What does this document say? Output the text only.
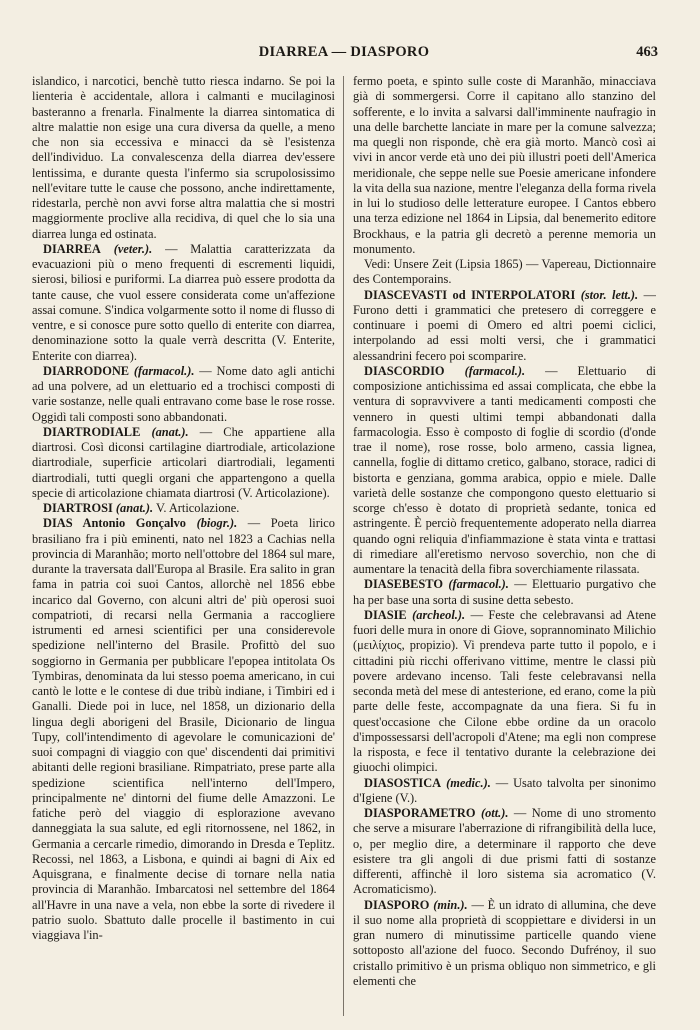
DIARREA — DIASPORO	463

islandico, i narcotici, benchè tutto riesca indarno. Se poi la lienteria è accidentale, allora i calmanti e mucilaginosi basteranno a frenarla. Finalmente la diarrea sintomatica di altre malattie non esige una cura diversa da quelle, a meno che non sia eccessiva e minacci da sè l'esistenza dell'individuo. La convalescenza della diarrea dev'essere lentissima, e durante questa l'infermo sia scrupolosissimo nell'evitare tutte le cause che possono, anche indirettamente, ridestarla, perchè non avvi forse altra malattia che si mostri maggiormente proclive alla recidiva, di quel che lo sia una diarrea lunga ed ostinata.

DIARREA (veter.). — Malattia caratterizzata da evacuazioni più o meno frequenti di escrementi liquidi, sierosi, biliosi e puriformi. La diarrea può essere prodotta da tante cause, che vuol essere considerata come un'affezione assai comune. S'indica volgarmente sotto il nome di flusso di ventre, e si conosce pure sotto quello di enterite con diarrea, denominazione sotto la quale verrà descritta (V. Enterite, Enterite con diarrea).

DIARRODONE (farmacol.). — Nome dato agli antichi ad una polvere, ad un elettuario ed a trochisci composti di varie sostanze, nelle quali entravano come base le rose rosse. Oggidì tali composti sono abbandonati.

DIARTRODIALE (anat.). — Che appartiene alla diartrosi. Così diconsi cartilagine diartrodiale, articolazione diartrodiale, superficie articolari diartrodiali, legamenti diartrodiali, tutti quegli organi che appartengono a quella specie di articolazione chiamata diartrosi (V. Articolazione).

DIARTROSI (anat.). V. Articolazione.

DIAS Antonio Gonçalvo (biogr.). — Poeta lirico brasiliano fra i più eminenti, nato nel 1823 a Cachias nella provincia di Maranhão; morto nell'ottobre del 1864 sul mare, durante la traversata dall'Europa al Brasile. Era salito in gran fama in patria coi suoi Cantos, allorchè nel 1856 ebbe incarico dal Governo, con alcuni altri de' più operosi suoi compatrioti, di recarsi nella Germania a raccogliere istrumenti ed arnesi scientifici per una considerevole spedizione nell'interno del Brasile. Profittò del suo soggiorno in Germania per pubblicare l'epopea intitolata Os Tymbiras, denominata da lui stesso poema americano, in cui cantò le lotte e le contese di due tribù indiane, i Timbiri ed i Ganalli. Diede poi in luce, nel 1858, un dizionario della lingua degli aborigeni del Brasile, Dicionario de lingua Tupy, coll'intendimento di agevolare le comunicazioni de' suoi compagni di viaggio con que' discendenti dai primitivi abitanti delle regioni brasiliane. Rimpatriato, prese parte alla spedizione scientifica nell'interno dell'Impero, principalmente ne' dintorni del fiume delle Amazzoni. Le fatiche però del viaggio di esplorazione avevano danneggiata la sua salute, ed egli ritornossene, nel 1862, in Germania a cercarle rimedio, dimorando in Dresda e Teplitz. Recossi, nel 1863, a Lisbona, e quindi ai bagni di Aix ed Aquisgrana, e finalmente decise di tornare nella natia provincia di Maranhão. Imbarcatosi nel settembre del 1864 all'Havre in una nave a vela, non ebbe la sorte di rivedere il patrio suolo. Sbattuto dalle procelle il bastimento in cui viaggiava l'in-

fermo poeta, e spinto sulle coste di Maranhão, minacciava già di sommergersi. Corre il capitano allo stanzino del sofferente, e lo invita a salvarsi dall'imminente naufragio in una delle barchette lanciate in mare per la comune salvezza; ma quegli non risponde, chè era già morto. Mancò così ai vivi in ancor verde età uno dei più illustri poeti dell'America meridionale, che seppe nelle sue Poesie americane infondere la vita della sua nazione, mentre l'eleganza della forma rivela in lui lo studioso delle letterature europee. I Cantos ebbero una terza edizione nel 1864 in Lipsia, dal benemerito editore Brockhaus, e la patria gli decretò a perenne memoria un monumento.

Vedi: Unsere Zeit (Lipsia 1865) — Vapereau, Dictionnaire des Contemporains.

DIASCEVASTI od INTERPOLATORI (stor. lett.). — Furono detti i grammatici che pretesero di correggere e continuare i poemi di Omero ed altri poemi ciclici, interpolando ad essi molti versi, che i grammatici alessandrini fecero poi scomparire.

DIASCORDIO (farmacol.). — Elettuario di composizione antichissima ed assai complicata, che ebbe la ventura di sopravvivere a tanti medicamenti composti che vennero in questi ultimi tempi abbandonati dalla farmacologia. Esso è composto di foglie di scordio (d'onde trae il nome), rose rosse, bolo armeno, cassia lignea, cannella, foglie di dittamo cretico, galbano, storace, radici di bistorta e genziana, gomma arabica, oppio e miele. Dalle varietà delle sostanze che compongono questo elettuario si scorge ch'esso è dotato di proprietà sedante, tonica ed astringente. È perciò frequentemente adoperato nella diarrea quando ogni reliquia d'infiammazione è stata vinta e trattasi di rimediare all'eretismo nervoso soverchio, non che di aumentare la tenacità della fibra soverchiamente rilassata.

DIASEBESTO (farmacol.). — Elettuario purgativo che ha per base una sorta di susine detta sebesto.

DIASIE (archeol.). — Feste che celebravansi ad Atene fuori delle mura in onore di Giove, soprannominato Milichio (μειλίχιος, propizio). Vi prendeva parte tutto il popolo, e i cittadini più ricchi offerivano vittime, mentre le classi più povere ardevano incenso. Tali feste celebravansi nella seconda metà del mese di antesterione, ed erano, come la più parte delle feste, accompagnate da una fiera. Si fu in quest'occasione che Cilone ebbe ordine da un oracolo d'impossessarsi dell'acropoli d'Atene; ma egli non comprese la risposta, e fece il tentativo durante la celebrazione dei giuochi olimpici.

DIASOSTICA (medic.). — Usato talvolta per sinonimo d'Igiene (V.).

DIASPORAMETRO (ott.). — Nome di uno stromento che serve a misurare l'aberrazione di rifrangibilità della luce, o, per meglio dire, a determinare il rapporto che deve esistere tra gli angoli di due prismi fatti di sostanze differenti, affinchè il loro sistema sia acromatico (V. Acromaticismo).

DIASPORO (min.). — È un idrato di allumina, che deve il suo nome alla proprietà di scoppiettare e dividersi in un gran numero di minutissime particelle quando viene sottoposto all'azione del fuoco. Secondo Dufrénoy, il suo cristallo primitivo è un prisma obliquo non simmetrico, e gli elementi che
